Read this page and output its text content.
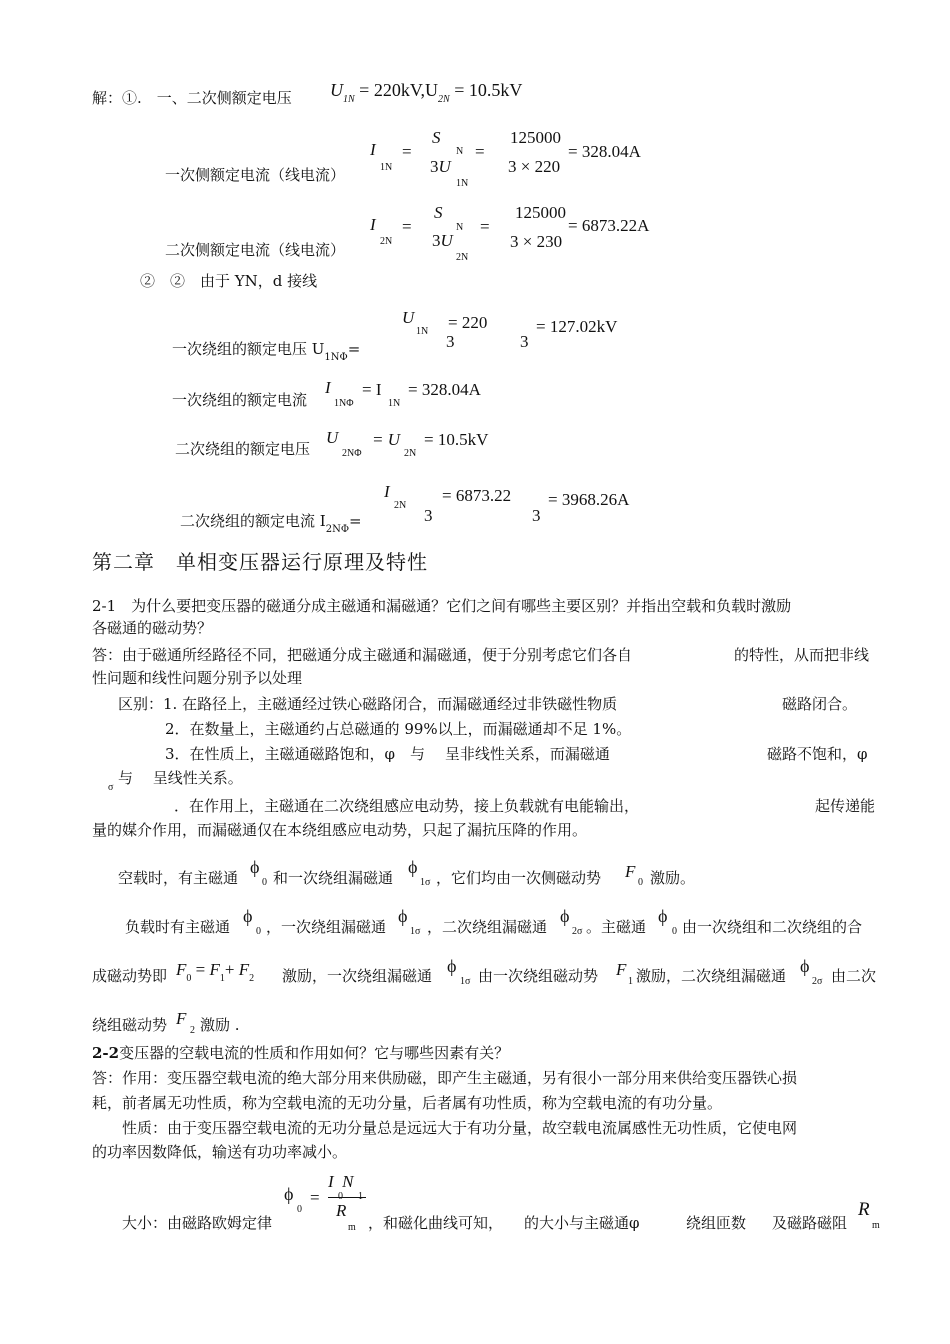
解：①.　一、二次侧额定电压 $U_{1N} = 220kV,U_{2N} = 10.5kV$
I
1N
=
S
N
3U
1N
=
125000
3 × 220
= 328.04A
一次侧额定电流（线电流）
I
2N
=
S
N
3U
2N
=
125000
3 × 230
= 6873.22A
二次侧额定电流（线电流）
②　②　由于 YN，d 接线
U
1N = 220
3	3
= 127.02kV
一次绕组的额定电压 $U_{1N\Phi}=$
一次绕组的额定电流
I
1NΦ
= I
1N
= 328.04A
二次绕组的额定电压
U
2NΦ
= U
2N
= 10.5kV
I
2N
= 6873.22
3	3
= 3968.26A
二次绕组的额定电流 $I_{2N\Phi}=$
第二章　单相变压器运行原理及特性
2-1　为什么要把变压器的磁通分成主磁通和漏磁通？它们之间有哪些主要区别？并指出空载和负载时激励
各磁通的磁动势？
答：由于磁通所经路径不同，把磁通分成主磁通和漏磁通，便于分别考虑它们各自	的特性，从而把非线
性问题和线性问题分别予以处理
区别：1. 在路径上，主磁通经过铁心磁路闭合，而漏磁通经过非铁磁性物质	磁路闭合。
2．在数量上，主磁通约占总磁通的 99%以上，而漏磁通却不足 1%。
3．在性质上，主磁通磁路饱和，φ　与　 呈非线性关系，而漏磁通	磁路不饱和，φ
σ
与　 呈线性关系。
．在作用上，主磁通在二次绕组感应电动势，接上负载就有电能输出，	起传递能
量的媒介作用，而漏磁通仅在本绕组感应电动势，只起了漏抗压降的作用。
空载时，有主磁通
ϕ
0 和一次绕组漏磁通
ϕ
1σ ，它们均由一次侧磁动势 F
0 激励。
负载时有主磁通
ϕ
0 ，一次绕组漏磁通
ϕ
1σ ，二次绕组漏磁通
ϕ
2σ 。主磁通
ϕ
0 由一次绕组和二次绕组的合
成磁动势即 $F_0 = F_1+ F_2$ 激励，一次绕组漏磁通 ϕ
1σ 由一次绕组磁动势 F
1 激励，二次绕组漏磁通 ϕ
2σ 由二次
绕组磁动势 F
2 激励 .
2-2变压器的空载电流的性质和作用如何？它与哪些因素有关？
答：作用：变压器空载电流的绝大部分用来供励磁，即产生主磁通，另有很小一部分用来供给变压器铁心损
耗，前者属无功性质，称为空载电流的无功分量，后者属有功性质，称为空载电流的有功分量。
性质：由于变压器空载电流的无功分量总是远远大于有功分量，故空载电流属感性无功性质，它使电网
的功率因数降低，输送有功功率减小。
ϕ
0
=
I  N
0 1
R
m
大小：由磁路欧姆定律	，和磁化曲线可知， 的大小与主磁通φ	绕组匝数 及磁路磁阻
R
m
